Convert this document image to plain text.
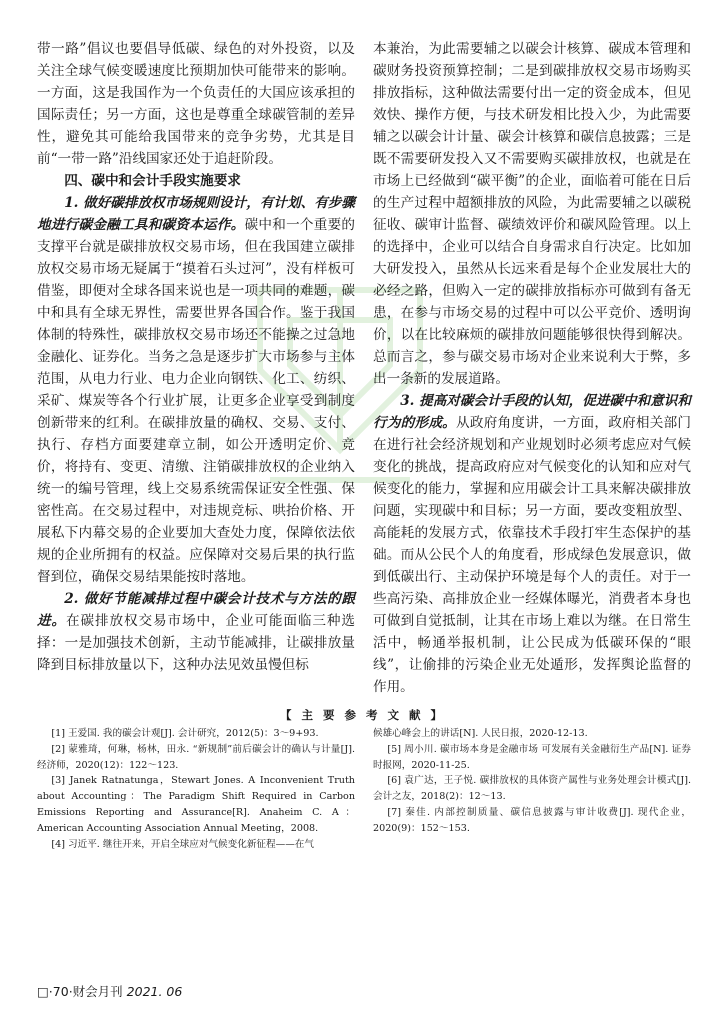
带一路”倡议也要倡导低碳、绿色的对外投资，以及关注全球气候变暖速度比预期加快可能带来的影响。一方面，这是我国作为一个负责任的大国应该承担的国际责任；另一方面，这也是尊重全球碳管制的差异性，避免其可能给我国带来的竞争劣势，尤其是目前“一带一路”沿线国家还处于追赶阶段。

四、碳中和会计手段实施要求

1. 做好碳排放权市场规则设计，有计划、有步骤地进行碳金融工具和碳资本运作。碳中和一个重要的支撑平台就是碳排放权交易市场，但在我国建立碳排放权交易市场无疑属于“摸着石头过河”，没有样板可借鉴，即便对全球各国来说也是一项共同的难题，碳中和具有全球无界性，需要世界各国合作。鉴于我国体制的特殊性，碳排放权交易市场还不能操之过急地金融化、证券化。当务之急是逐步扩大市场参与主体范围，从电力行业、电力企业向钢铁、化工、纺织、采矿、煤炭等各个行业扩展，让更多企业享受到制度创新带来的红利。在碳排放量的确权、交易、支付、执行、存档方面要建章立制，如公开透明定价、竞价，将持有、变更、清缴、注销碳排放权的企业纳入统一的编号管理，线上交易系统需保证安全性强、保密性高。在交易过程中，对违规竞标、哄抬价格、开展私下内幕交易的企业要加大查处力度，保障依法依规的企业所拥有的权益。应保障对交易后果的执行监督到位，确保交易结果能按时落地。

2. 做好节能减排过程中碳会计技术与方法的跟进。在碳排放权交易市场中，企业可能面临三种选择：一是加强技术创新，主动节能减排，让碳排放量降到目标排放量以下，这种办法见效虽慢但标

本兼治，为此需要辅之以碳会计核算、碳成本管理和碳财务投资预算控制；二是到碳排放权交易市场购买排放指标，这种做法需要付出一定的资金成本，但见效快、操作方便，与技术研发相比投入少，为此需要辅之以碳会计计量、碳会计核算和碳信息披露；三是既不需要研发投入又不需要购买碳排放权，也就是在市场上已经做到“碳平衡”的企业，面临着可能在日后的生产过程中超额排放的风险，为此需要辅之以碳税征收、碳审计监督、碳绩效评价和碳风险管理。以上的选择中，企业可以结合自身需求自行决定。比如加大研发投入，虽然从长远来看是每个企业发展壮大的必经之路，但购入一定的碳排放指标亦可做到有备无患，在参与市场交易的过程中可以公平竞价、透明询价，以在比较麻烦的碳排放问题能够很快得到解决。总而言之，参与碳交易市场对企业来说利大于弊，多出一条新的发展道路。

3. 提高对碳会计手段的认知，促进碳中和意识和行为的形成。从政府角度讲，一方面，政府相关部门在进行社会经济规划和产业规划时必须考虑应对气候变化的挑战，提高政府应对气候变化的认知和应对气候变化的能力，掌握和应用碳会计工具来解决碳排放问题，实现碳中和目标；另一方面，要改变粗放型、高能耗的发展方式，依靠技术手段打牢生态保护的基础。而从公民个人的角度看，形成绿色发展意识，做到低碳出行、主动保护环境是每个人的责任。对于一些高污染、高排放企业一经媒体曝光，消费者本身也可做到自觉抵制，让其在市场上难以为继。在日常生活中，畅通举报机制，让公民成为低碳环保的“眼线”，让偷排的污染企业无处遁形，发挥舆论监督的作用。

【 主 要 参 考 文 献 】

[1] 王爱国. 我的碳会计观[J]. 会计研究，2012(5)：3～9+93.

[2] 蒙雅琦，何琳，杨林，田永. “新规制”前后碳会计的确认与计量[J]. 经济师，2020(12)：122～123.

[3] Janek Ratnatunga，Stewart Jones. A Inconvenient Truth about Accounting：The Paradigm Shift Required in Carbon Emissions Reporting and Assurance[R]. Anaheim C. A：American Accounting Association Annual Meeting，2008.

[4] 习近平. 继往开来，开启全球应对气候变化新征程——在气

候雄心峰会上的讲话[N]. 人民日报，2020-12-13.

[5] 周小川. 碳市场本身是金融市场 可发展有关金融衍生产品[N]. 证券时报网，2020-11-25.

[6] 袁广达，王子悦. 碳排放权的具体资产属性与业务处理会计模式[J]. 会计之友，2018(2)：12～13.

[7] 秦佳. 内部控制质量、碳信息披露与审计收费[J]. 现代企业，2020(9)：152～153.

□·70·财会月刊 2021. 06
